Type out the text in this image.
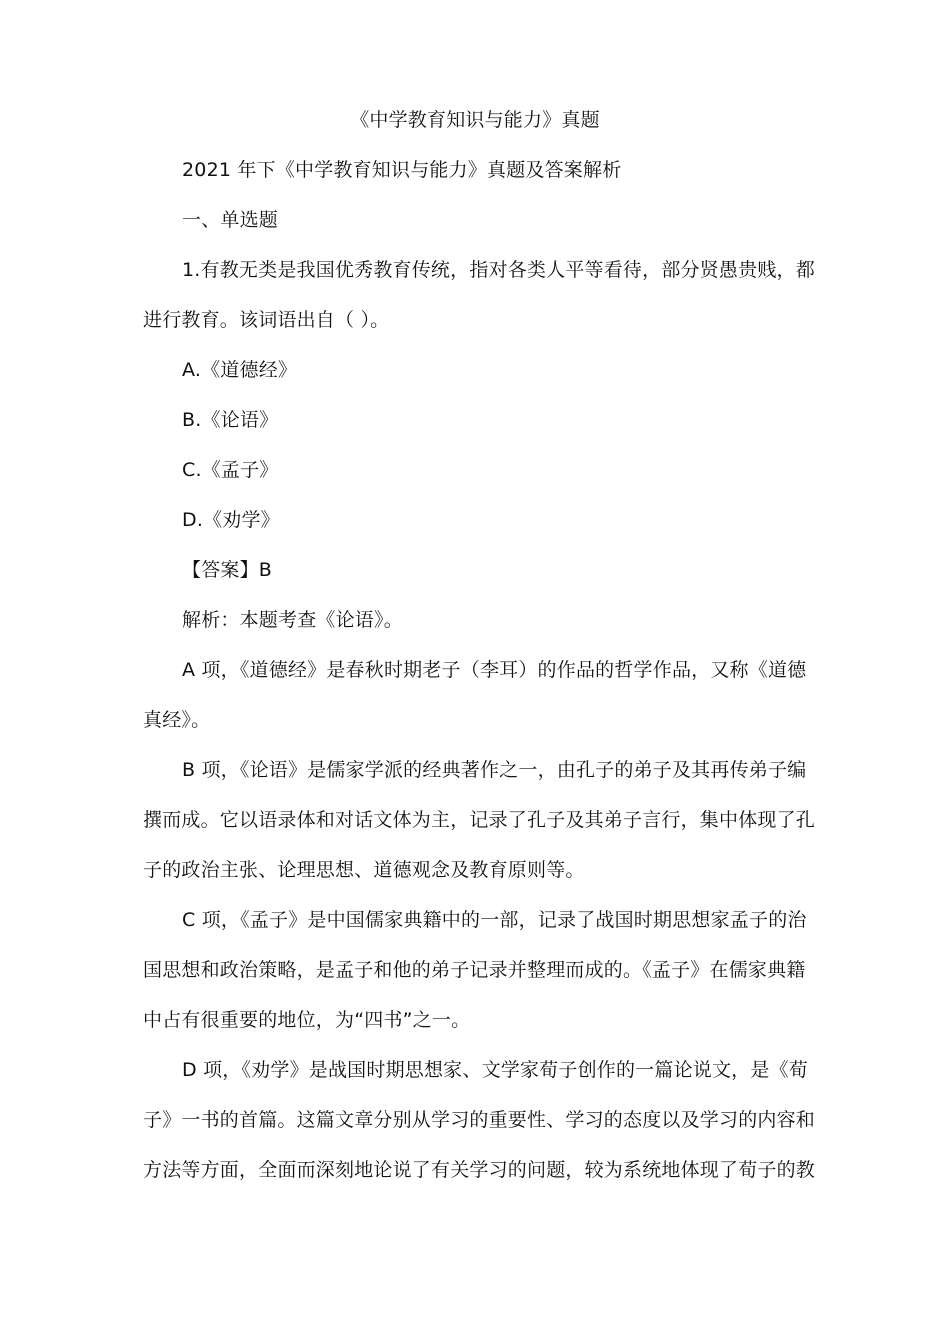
《中学教育知识与能力》真题
2021 年下《中学教育知识与能力》真题及答案解析
一、单选题
1.有教无类是我国优秀教育传统，指对各类人平等看待，部分贤愚贵贱，都
进行教育。该词语出自（ ）。
A.《道德经》
B.《论语》
C.《孟子》
D.《劝学》
【答案】B
解析：本题考查《论语》。
A 项，《道德经》是春秋时期老子（李耳）的作品的哲学作品，又称《道德
真经》。
B 项，《论语》是儒家学派的经典著作之一，由孔子的弟子及其再传弟子编
撰而成。它以语录体和对话文体为主，记录了孔子及其弟子言行，集中体现了孔
子的政治主张、论理思想、道德观念及教育原则等。
C 项，《孟子》是中国儒家典籍中的一部，记录了战国时期思想家孟子的治
国思想和政治策略，是孟子和他的弟子记录并整理而成的。《孟子》在儒家典籍
中占有很重要的地位，为“四书”之一。
D 项，《劝学》是战国时期思想家、文学家荀子创作的一篇论说文，是《荀
子》一书的首篇。这篇文章分别从学习的重要性、学习的态度以及学习的内容和
方法等方面，全面而深刻地论说了有关学习的问题，较为系统地体现了荀子的教
